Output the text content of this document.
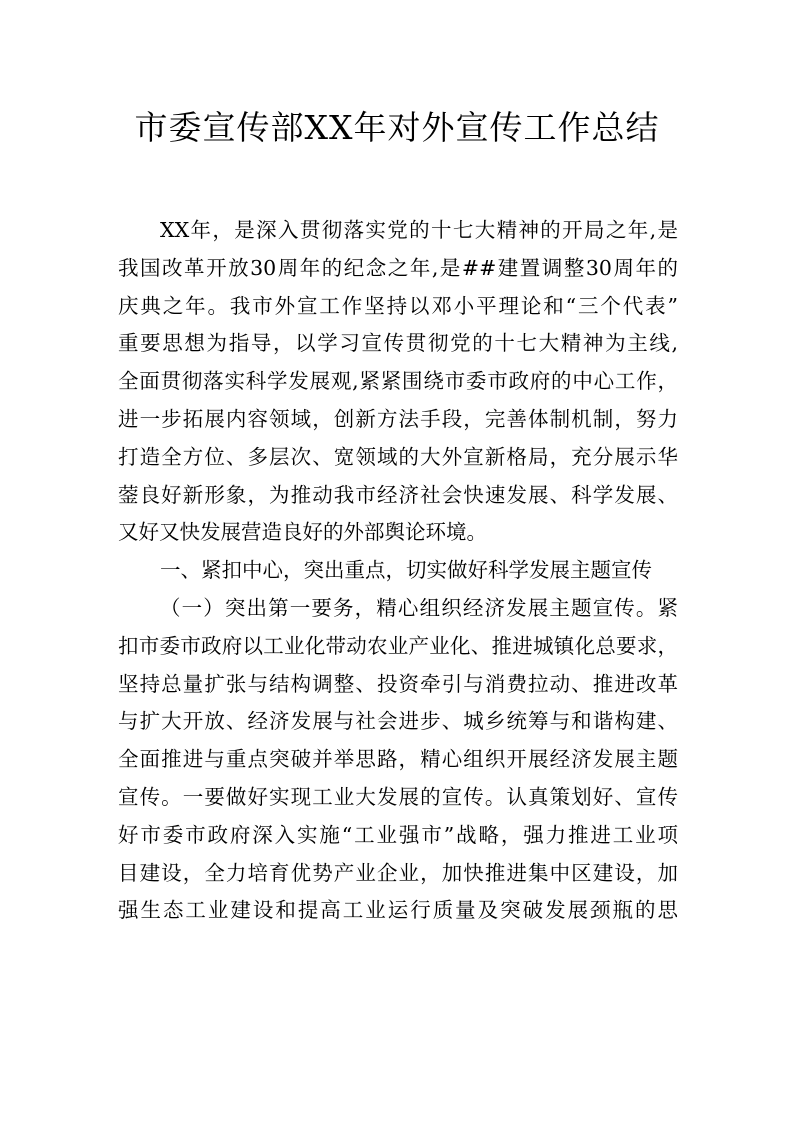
市委宣传部XX年对外宣传工作总结
XX年，是深入贯彻落实党的十七大精神的开局之年,是
我国改革开放30周年的纪念之年,是##建置调整30周年的
庆典之年。我市外宣工作坚持以邓小平理论和“三个代表”
重要思想为指导，以学习宣传贯彻党的十七大精神为主线,
全面贯彻落实科学发展观,紧紧围绕市委市政府的中心工作，
进一步拓展内容领域，创新方法手段，完善体制机制，努力
打造全方位、多层次、宽领域的大外宣新格局，充分展示华
蓥良好新形象，为推动我市经济社会快速发展、科学发展、
又好又快发展营造良好的外部舆论环境。
一、紧扣中心，突出重点，切实做好科学发展主题宣传
（一）突出第一要务，精心组织经济发展主题宣传。紧
扣市委市政府以工业化带动农业产业化、推进城镇化总要求，
坚持总量扩张与结构调整、投资牵引与消费拉动、推进改革
与扩大开放、经济发展与社会进步、城乡统筹与和谐构建、
全面推进与重点突破并举思路，精心组织开展经济发展主题
宣传。一要做好实现工业大发展的宣传。认真策划好、宣传
好市委市政府深入实施“工业强市”战略，强力推进工业项
目建设，全力培育优势产业企业，加快推进集中区建设，加
强生态工业建设和提高工业运行质量及突破发展颈瓶的思
